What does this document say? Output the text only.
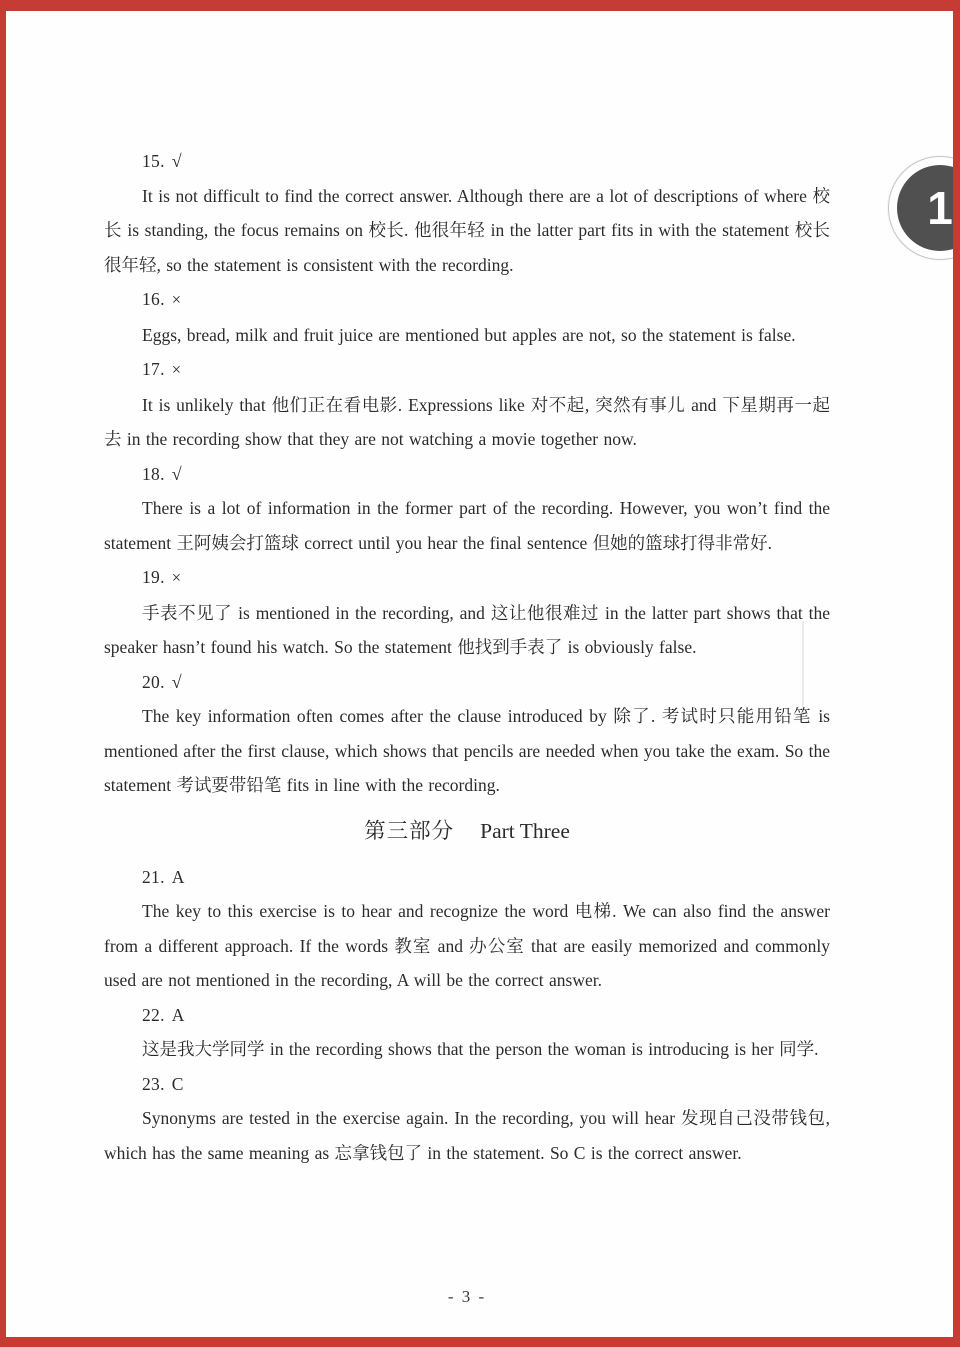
1

15. √

It is not difficult to find the correct answer. Although there are a lot of descriptions of where 校长 is standing, the focus remains on 校长. 他很年轻 in the latter part fits in with the statement 校长很年轻, so the statement is consistent with the recording.

16. ×

Eggs, bread, milk and fruit juice are mentioned but apples are not, so the statement is false.

17. ×

It is unlikely that 他们正在看电影. Expressions like 对不起, 突然有事儿 and 下星期再一起去 in the recording show that they are not watching a movie together now.

18. √

There is a lot of information in the former part of the recording. However, you won’t find the statement 王阿姨会打篮球 correct until you hear the final sentence 但她的篮球打得非常好.

19. ×

手表不见了 is mentioned in the recording, and 这让他很难过 in the latter part shows that the speaker hasn’t found his watch. So the statement 他找到手表了 is obviously false.

20. √

The key information often comes after the clause introduced by 除了. 考试时只能用铅笔 is mentioned after the first clause, which shows that pencils are needed when you take the exam. So the statement 考试要带铅笔 fits in line with the recording.

第三部分 Part Three

21. A

The key to this exercise is to hear and recognize the word 电梯. We can also find the answer from a different approach. If the words 教室 and 办公室 that are easily memorized and commonly used are not mentioned in the recording, A will be the correct answer.

22. A

这是我大学同学 in the recording shows that the person the woman is introducing is her 同学.

23. C

Synonyms are tested in the exercise again. In the recording, you will hear 发现自己没带钱包, which has the same meaning as 忘拿钱包了 in the statement. So C is the correct answer.

- 3 -
